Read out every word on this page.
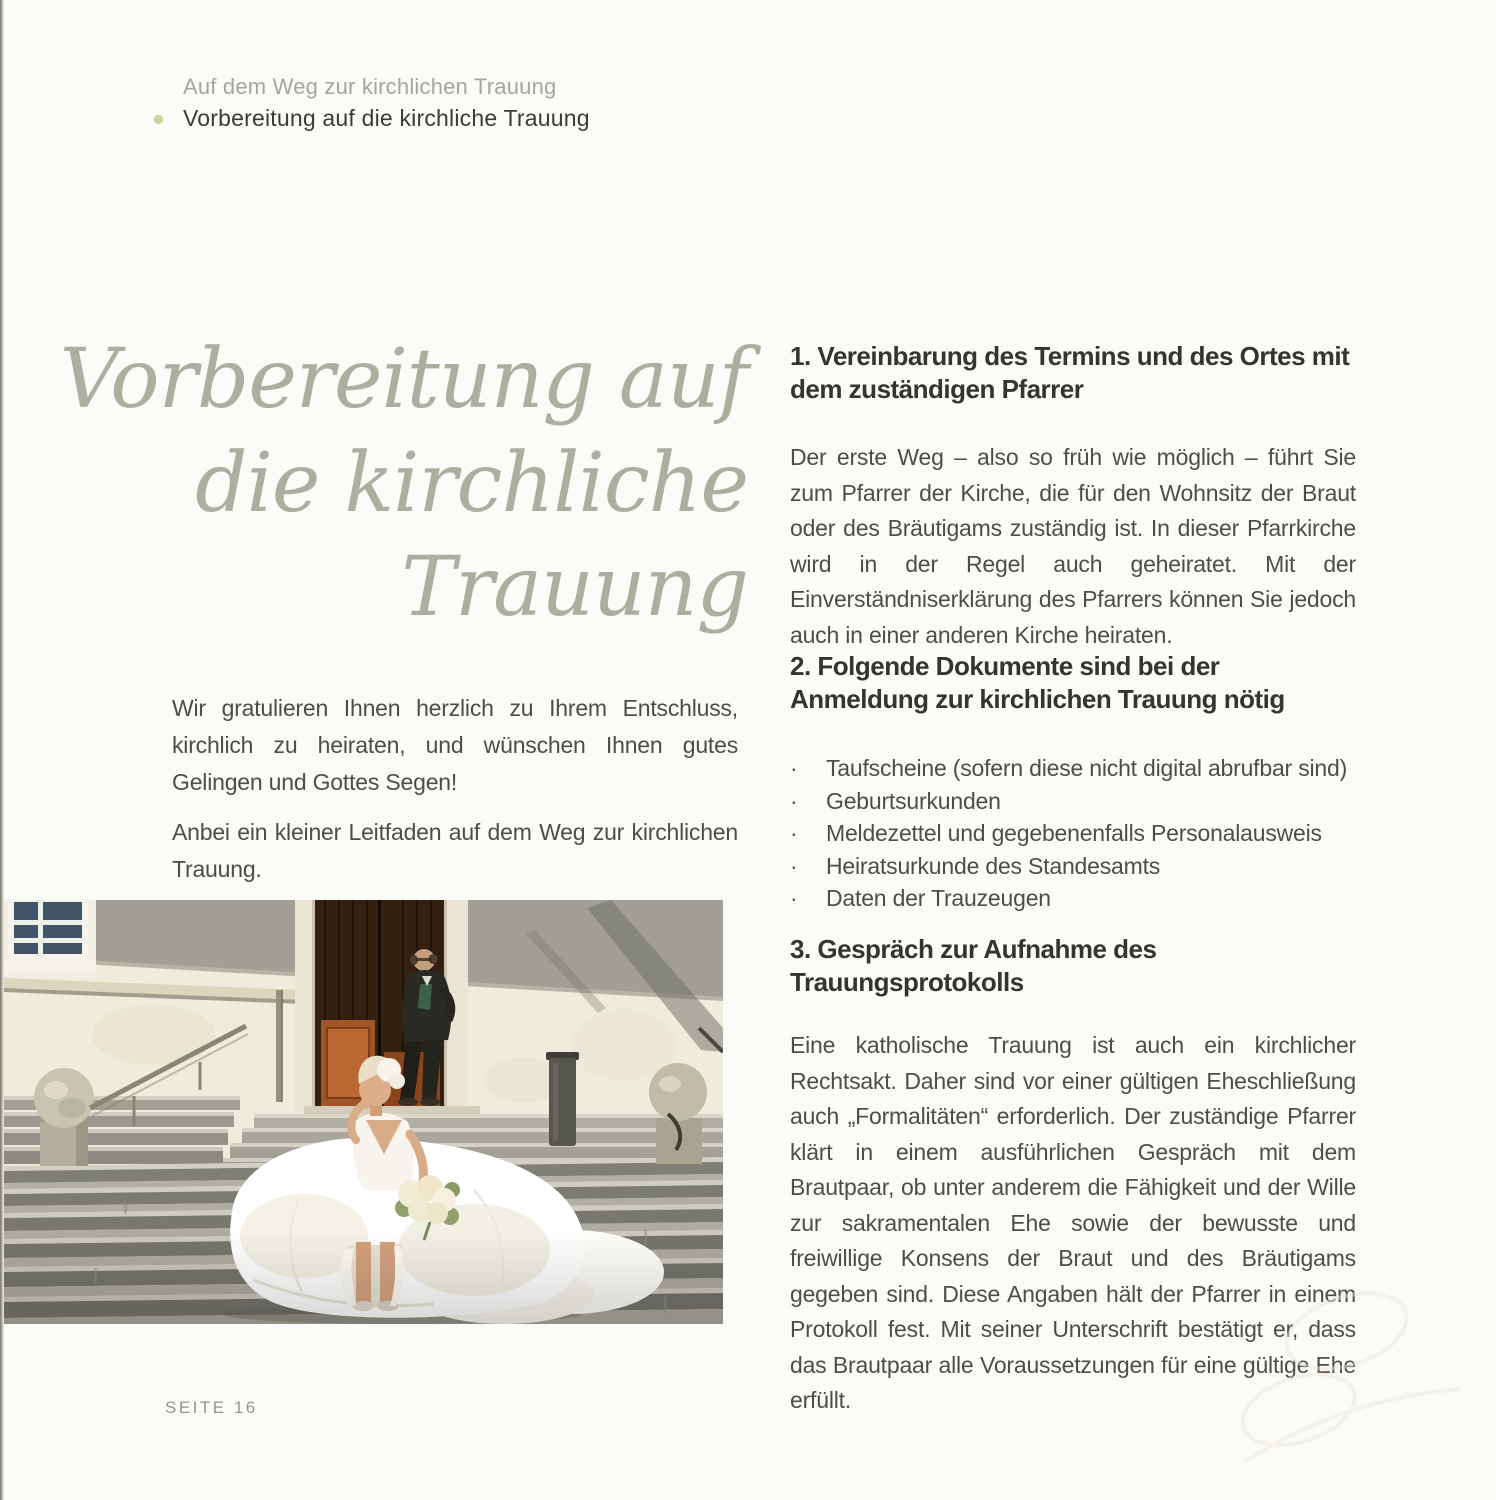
Auf dem Weg zur kirchlichen Trauung
Vorbereitung auf die kirchliche Trauung
Vorbereitung auf
die kirchliche
Trauung

Wir gratulieren Ihnen herzlich zu Ihrem Entschluss, kirchlich zu heiraten, und wünschen Ihnen gutes Gelingen und Gottes Segen!

Anbei ein kleiner Leitfaden auf dem Weg zur kirchlichen Trauung.

1. Vereinbarung des Termins und des Ortes mit
dem zuständigen Pfarrer

Der erste Weg – also so früh wie möglich – führt Sie zum Pfarrer der Kirche, die für den Wohnsitz der Braut oder des Bräutigams zuständig ist. In dieser Pfarrkirche wird in der Regel auch geheiratet. Mit der Einverständniserklärung des Pfarrers können Sie jedoch auch in einer anderen Kirche heiraten.

2. Folgende Dokumente sind bei der
Anmeldung zur kirchlichen Trauung nötig
·	Taufscheine (sofern diese nicht digital abrufbar sind)
·	Geburtsurkunden
·	Meldezettel und gegebenenfalls Personalausweis
·	Heiratsurkunde des Standesamts
·	Daten der Trauzeugen
3. Gespräch zur Aufnahme des
Trauungsprotokolls

Eine katholische Trauung ist auch ein kirchlicher Rechtsakt. Daher sind vor einer gültigen Eheschließung auch „Formalitäten“ erforderlich. Der zuständige Pfarrer klärt in einem ausführlichen Gespräch mit dem Brautpaar, ob unter anderem die Fähigkeit und der Wille zur sakramentalen Ehe sowie der bewusste und freiwillige Konsens der Braut und des Bräutigams gegeben sind. Diese Angaben hält der Pfarrer in einem Protokoll fest. Mit seiner Unterschrift bestätigt er, dass das Brautpaar alle Voraussetzungen für eine gültige Ehe erfüllt.

SEITE 16
